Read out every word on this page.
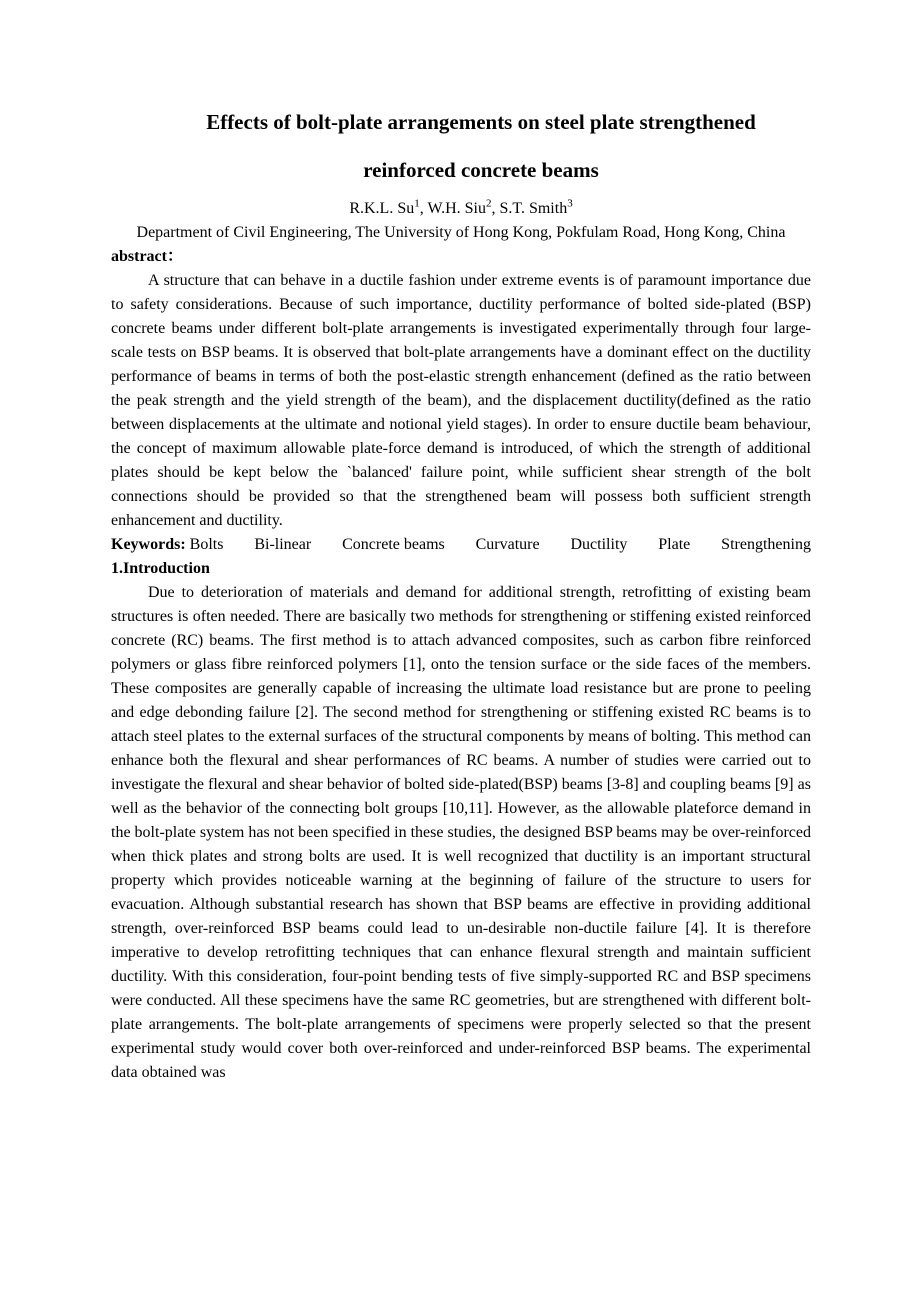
Effects of bolt-plate arrangements on steel plate strengthened
reinforced concrete beams
R.K.L. Su$^1$, W.H. Siu$^2$, S.T. Smith$^3$
Department of Civil Engineering, The University of Hong Kong, Pokfulam Road, Hong Kong, China
abstract：

A structure that can behave in a ductile fashion under extreme events is of paramount importance due to safety considerations. Because of such importance, ductility performance of bolted side-plated (BSP) concrete beams under different bolt-plate arrangements is investigated experimentally through four large-scale tests on BSP beams. It is observed that bolt-plate arrangements have a dominant effect on the ductility performance of beams in terms of both the post-elastic strength enhancement (defined as the ratio between the peak strength and the yield strength of the beam), and the displacement ductility(defined as the ratio between displacements at the ultimate and notional yield stages). In order to ensure ductile beam behaviour, the concept of maximum allowable plate-force demand is introduced, of which the strength of additional plates should be kept below the `balanced' failure point, while sufficient shear strength of the bolt connections should be provided so that the strengthened beam will possess both sufficient strength enhancement and ductility.

Keywords: Bolts Bi-linear Concrete beams Curvature Ductility Plate Strengthening
1.Introduction

Due to deterioration of materials and demand for additional strength, retrofitting of existing beam structures is often needed. There are basically two methods for strengthening or stiffening existed reinforced concrete (RC) beams. The first method is to attach advanced composites, such as carbon fibre reinforced polymers or glass fibre reinforced polymers [1], onto the tension surface or the side faces of the members. These composites are generally capable of increasing the ultimate load resistance but are prone to peeling and edge debonding failure [2]. The second method for strengthening or stiffening existed RC beams is to attach steel plates to the external surfaces of the structural components by means of bolting. This method can enhance both the flexural and shear performances of RC beams. A number of studies were carried out to investigate the flexural and shear behavior of bolted side-plated(BSP) beams [3-8] and coupling beams [9] as well as the behavior of the connecting bolt groups [10,11]. However, as the allowable plateforce demand in the bolt-plate system has not been specified in these studies, the designed BSP beams may be over-reinforced when thick plates and strong bolts are used. It is well recognized that ductility is an important structural property which provides noticeable warning at the beginning of failure of the structure to users for evacuation. Although substantial research has shown that BSP beams are effective in providing additional strength, over-reinforced BSP beams could lead to un-desirable non-ductile failure [4]. It is therefore imperative to develop retrofitting techniques that can enhance flexural strength and maintain sufficient ductility. With this consideration, four-point bending tests of five simply-supported RC and BSP specimens were conducted. All these specimens have the same RC geometries, but are strengthened with different bolt-plate arrangements. The bolt-plate arrangements of specimens were properly selected so that the present experimental study would cover both over-reinforced and under-reinforced BSP beams. The experimental data obtained was
